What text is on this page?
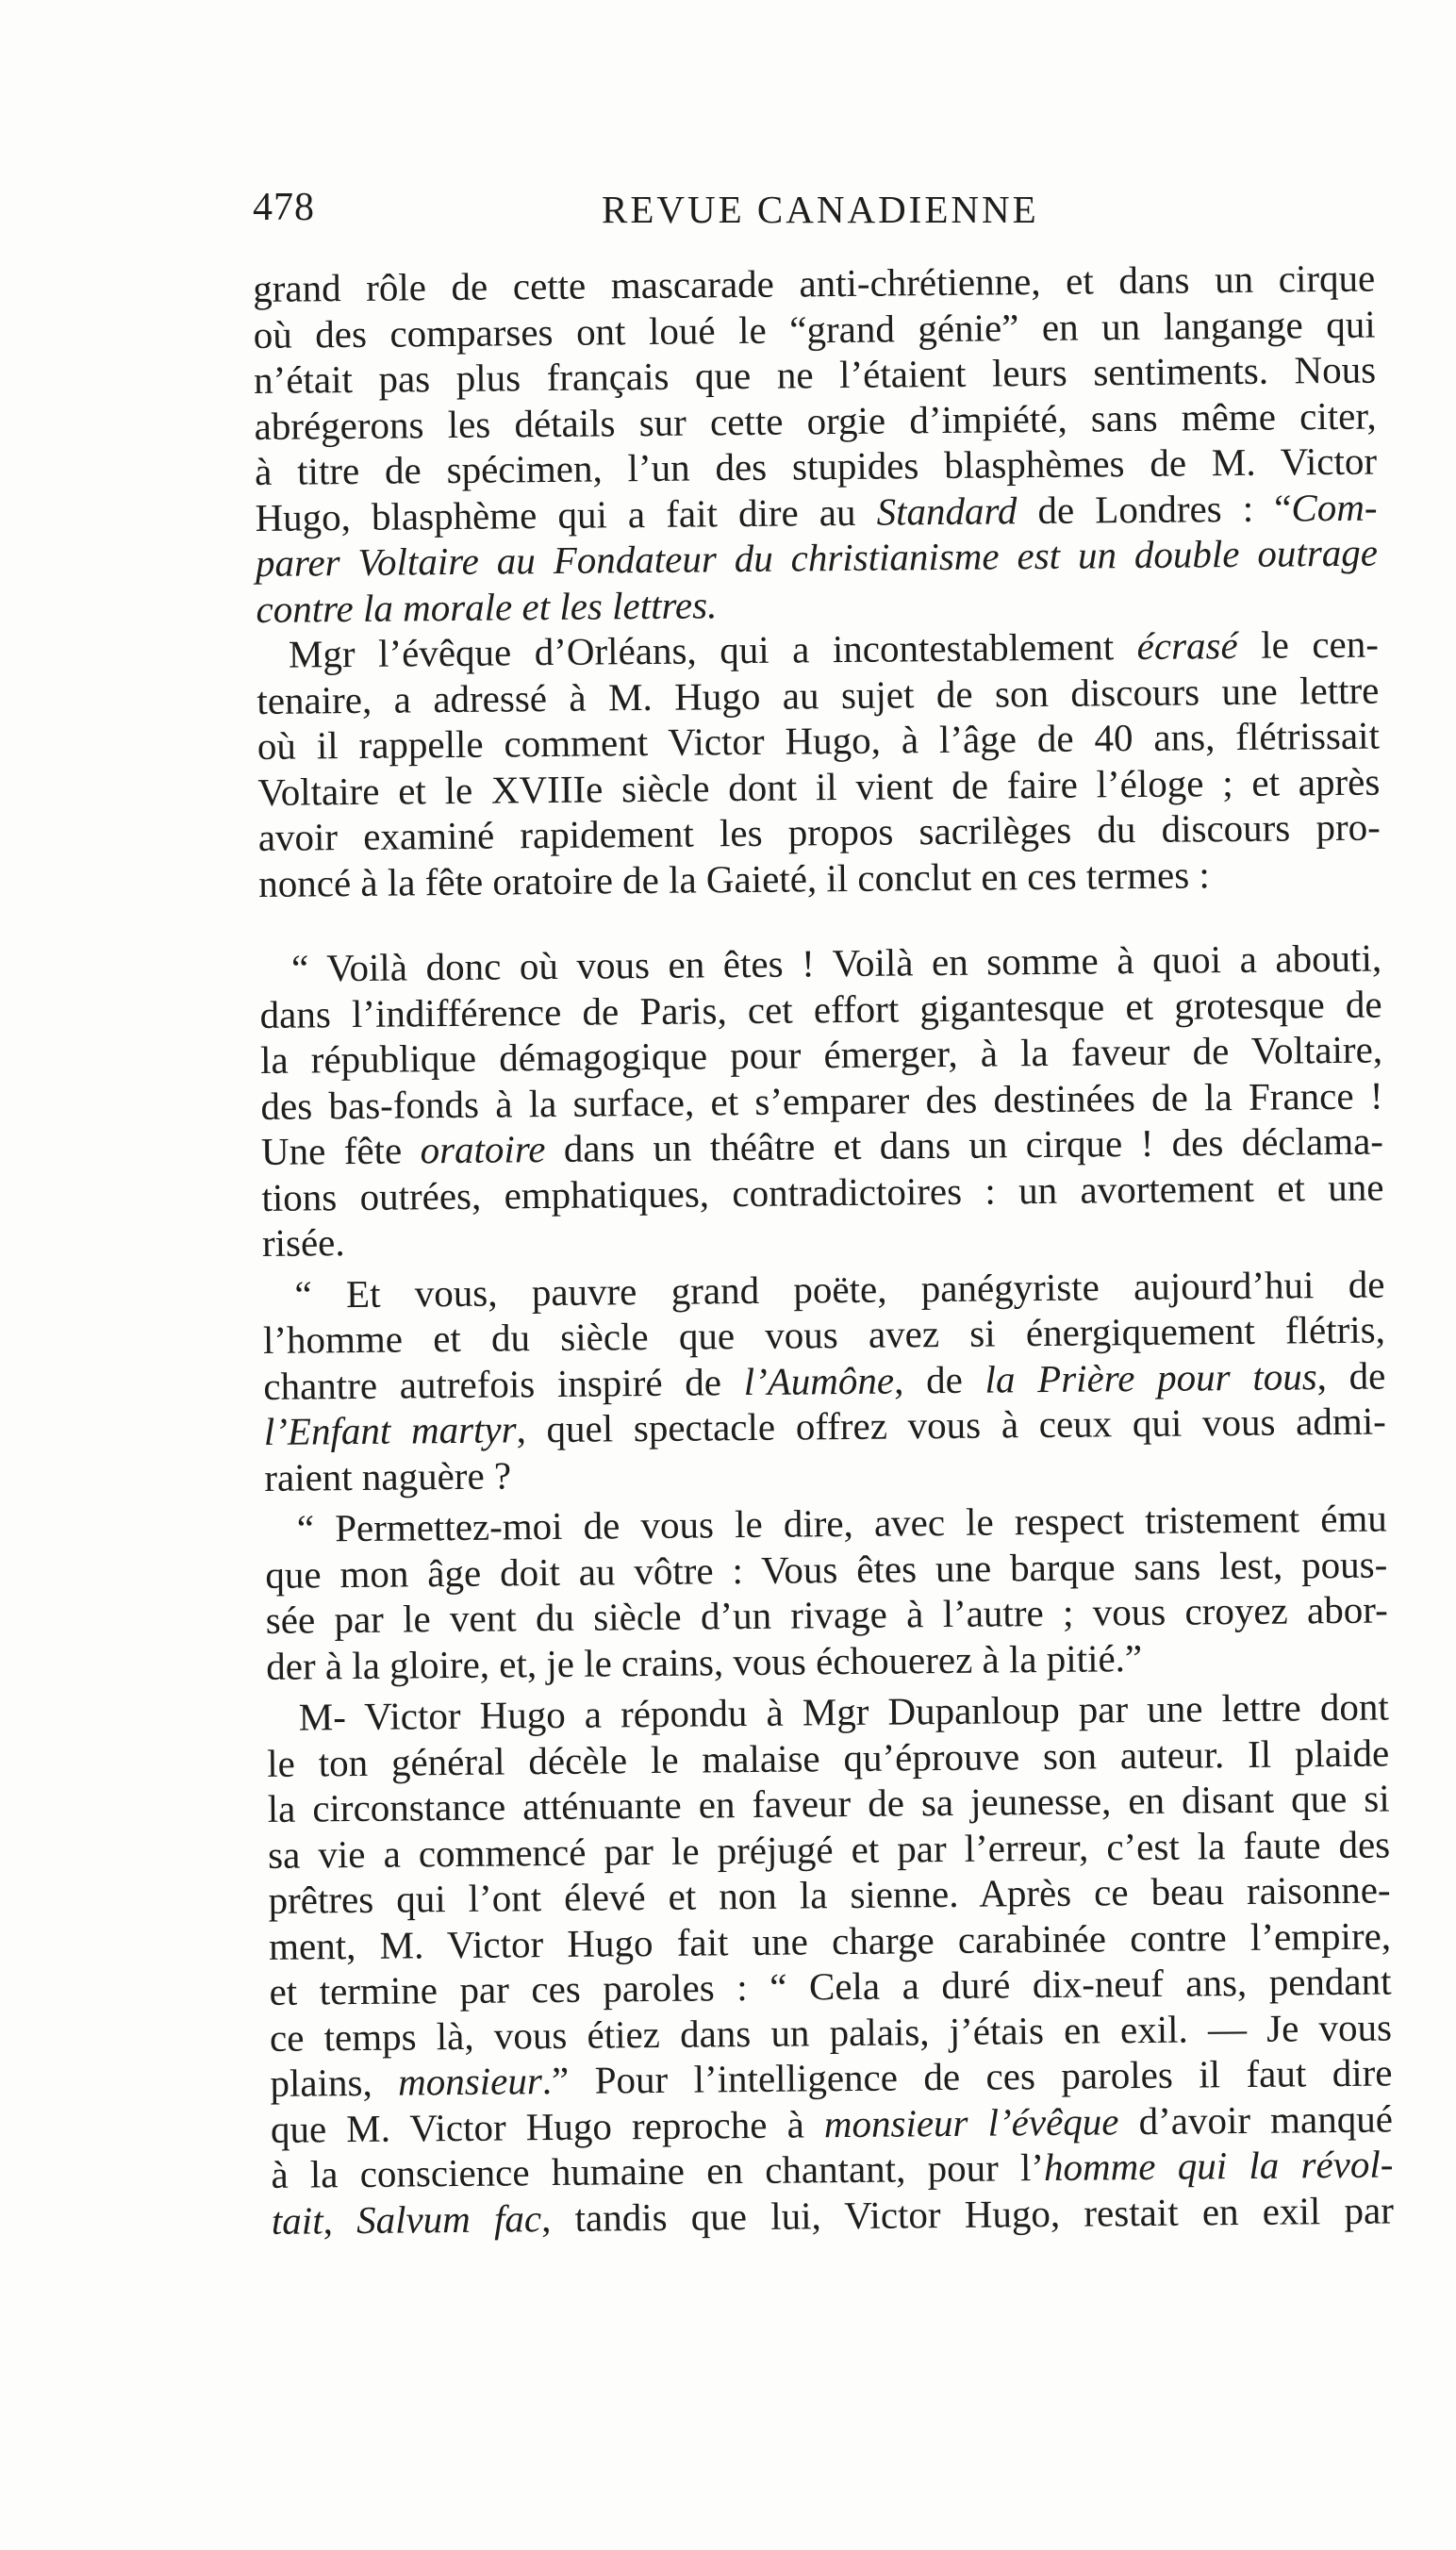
478	REVUE CANADIENNE
grand rôle de cette mascarade anti-chrétienne, et dans un cirque
où des comparses ont loué le “grand génie” en un langange qui
n’était pas plus français que ne l’étaient leurs sentiments. Nous
abrégerons les détails sur cette orgie d’impiété, sans même citer,
à titre de spécimen, l’un des stupides blasphèmes de M. Victor
Hugo, blasphème qui a fait dire au Standard de Londres : “Com-
parer Voltaire au Fondateur du christianisme est un double outrage
contre la morale et les lettres.
Mgr l’évêque d’Orléans, qui a incontestablement écrasé le cen-
tenaire, a adressé à M. Hugo au sujet de son discours une lettre
où il rappelle comment Victor Hugo, à l’âge de 40 ans, flétrissait
Voltaire et le XVIIIe siècle dont il vient de faire l’éloge ; et après
avoir examiné rapidement les propos sacrilèges du discours pro-
noncé à la fête oratoire de la Gaieté, il conclut en ces termes :
“ Voilà donc où vous en êtes ! Voilà en somme à quoi a abouti,
dans l’indifférence de Paris, cet effort gigantesque et grotesque de
la république démagogique pour émerger, à la faveur de Voltaire,
des bas-fonds à la surface, et s’emparer des destinées de la France !
Une fête oratoire dans un théâtre et dans un cirque ! des déclama-
tions outrées, emphatiques, contradictoires : un avortement et une
risée.
“ Et vous, pauvre grand poëte, panégyriste aujourd’hui de
l’homme et du siècle que vous avez si énergiquement flétris,
chantre autrefois inspiré de l’Aumône, de la Prière pour tous, de
l’Enfant martyr, quel spectacle offrez vous à ceux qui vous admi-
raient naguère ?
“ Permettez-moi de vous le dire, avec le respect tristement ému
que mon âge doit au vôtre : Vous êtes une barque sans lest, pous-
sée par le vent du siècle d’un rivage à l’autre ; vous croyez abor-
der à la gloire, et, je le crains, vous échouerez à la pitié.”
M- Victor Hugo a répondu à Mgr Dupanloup par une lettre dont
le ton général décèle le malaise qu’éprouve son auteur. Il plaide
la circonstance atténuante en faveur de sa jeunesse, en disant que si
sa vie a commencé par le préjugé et par l’erreur, c’est la faute des
prêtres qui l’ont élevé et non la sienne. Après ce beau raisonne-
ment, M. Victor Hugo fait une charge carabinée contre l’empire,
et termine par ces paroles : “ Cela a duré dix-neuf ans, pendant
ce temps là, vous étiez dans un palais, j’étais en exil. — Je vous
plains, monsieur.” Pour l’intelligence de ces paroles il faut dire
que M. Victor Hugo reproche à monsieur l’évêque d’avoir manqué
à la conscience humaine en chantant, pour l’homme qui la révol-
tait, Salvum fac, tandis que lui, Victor Hugo, restait en exil par
